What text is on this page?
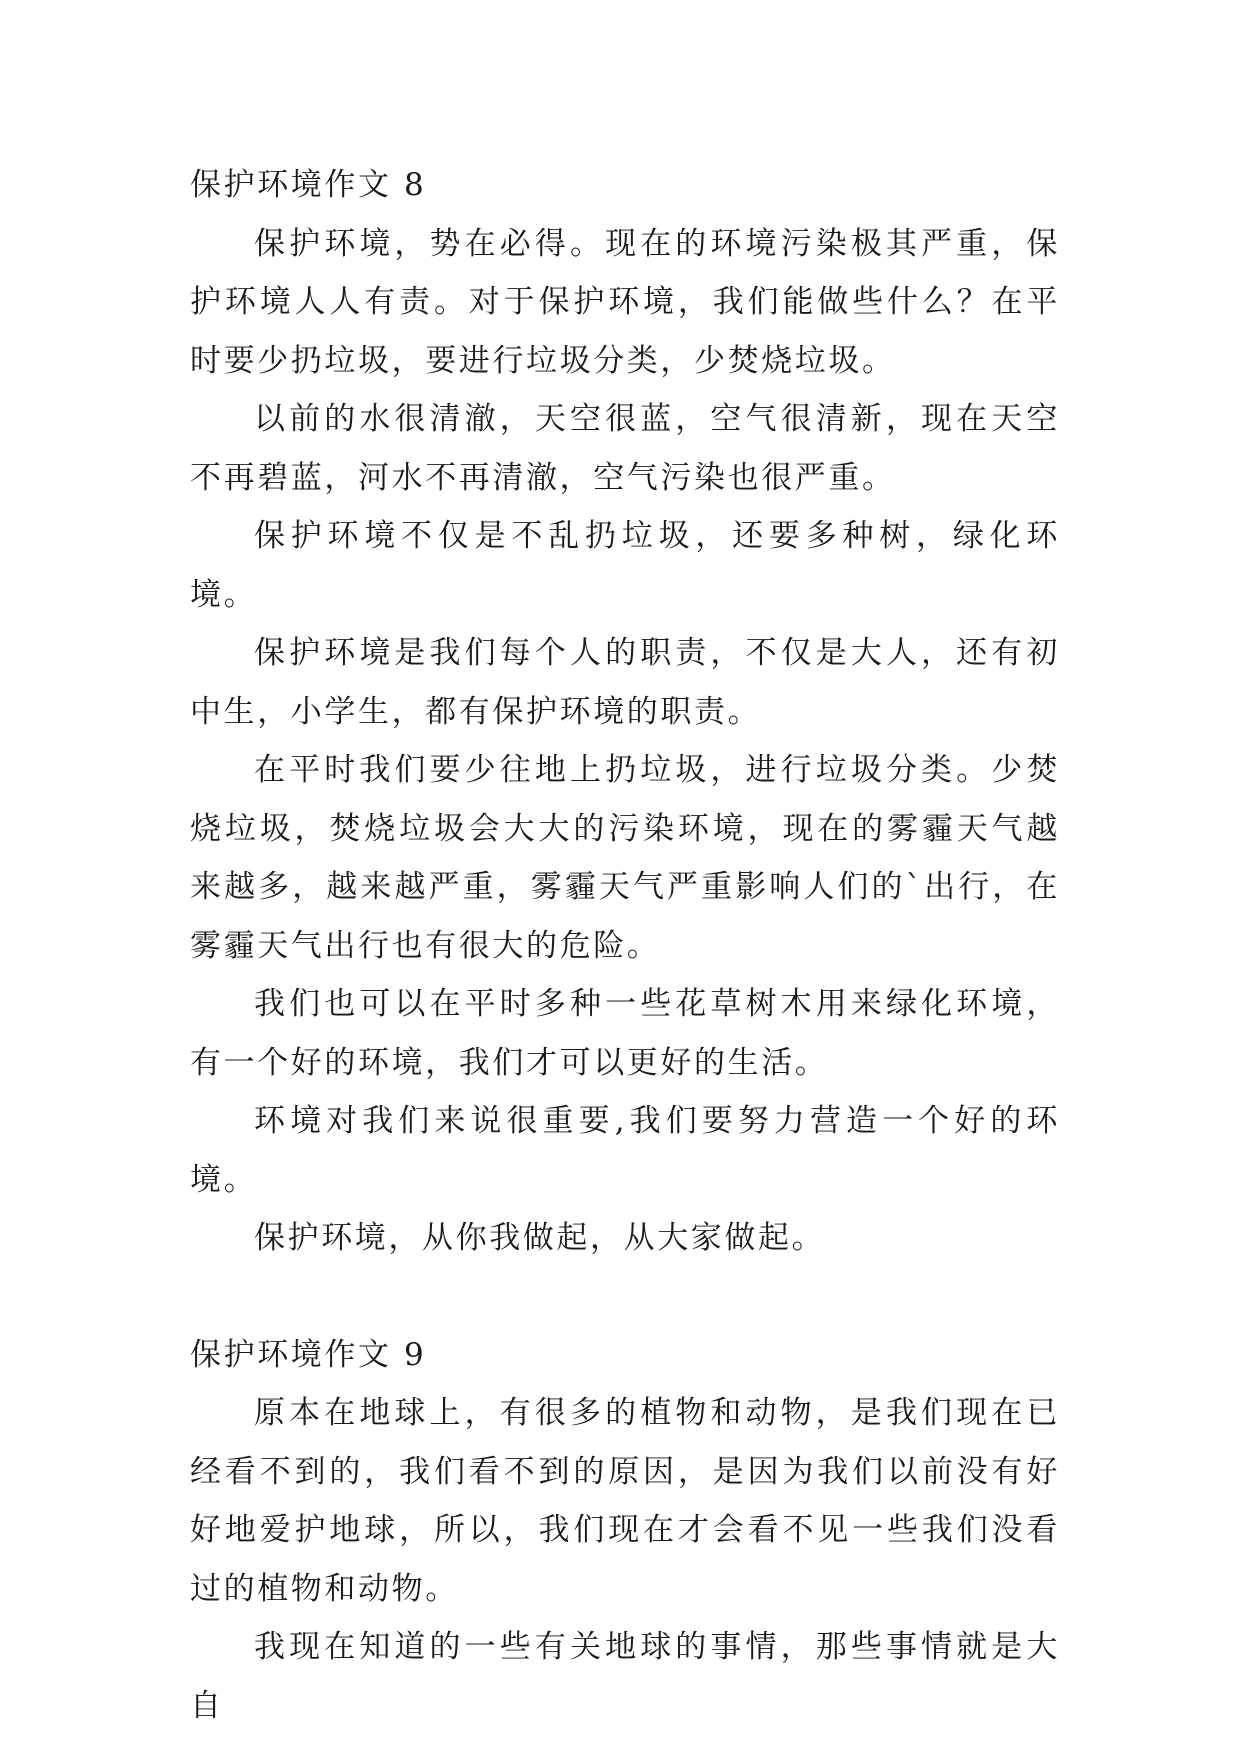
保护环境作文 8

保护环境，势在必得。现在的环境污染极其严重，保护环境人人有责。对于保护环境，我们能做些什么？在平时要少扔垃圾，要进行垃圾分类，少焚烧垃圾。

以前的水很清澈，天空很蓝，空气很清新，现在天空不再碧蓝，河水不再清澈，空气污染也很严重。

保护环境不仅是不乱扔垃圾，还要多种树，绿化环境。

保护环境是我们每个人的职责，不仅是大人，还有初中生，小学生，都有保护环境的职责。

在平时我们要少往地上扔垃圾，进行垃圾分类。少焚烧垃圾，焚烧垃圾会大大的污染环境，现在的雾霾天气越来越多，越来越严重，雾霾天气严重影响人们的`出行，在雾霾天气出行也有很大的危险。

我们也可以在平时多种一些花草树木用来绿化环境，有一个好的环境，我们才可以更好的生活。

环境对我们来说很重要,我们要努力营造一个好的环境。

保护环境，从你我做起，从大家做起。

保护环境作文 9

原本在地球上，有很多的植物和动物，是我们现在已经看不到的，我们看不到的原因，是因为我们以前没有好好地爱护地球，所以，我们现在才会看不见一些我们没看过的植物和动物。

我现在知道的一些有关地球的事情，那些事情就是大自
